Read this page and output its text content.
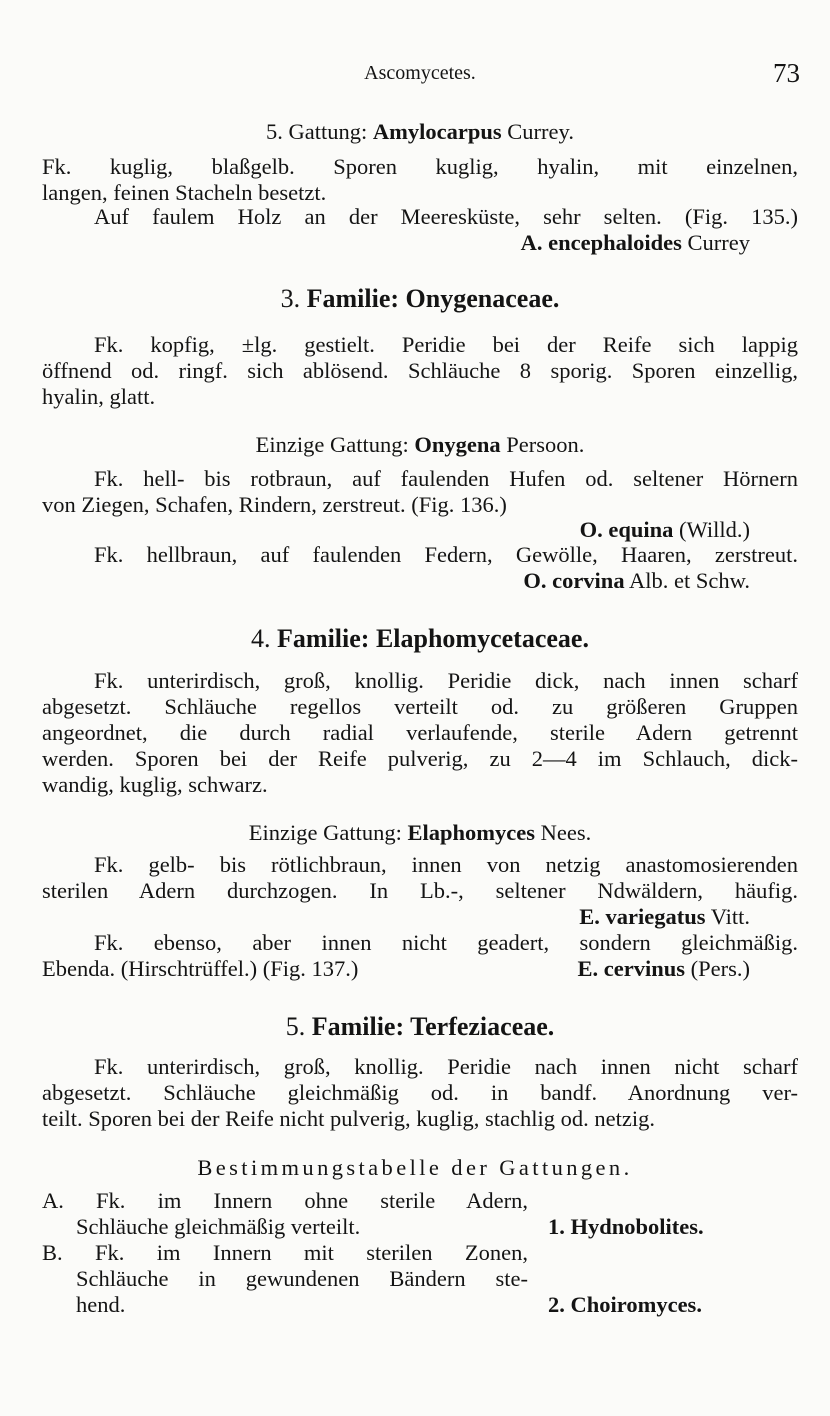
Ascomycetes.	73
5. Gattung: Amylocarpus Currey.
Fk. kuglig, blaßgelb. Sporen kuglig, hyalin, mit einzelnen,
langen, feinen Stacheln besetzt.
Auf faulem Holz an der Meeresküste, sehr selten. (Fig. 135.)
A. encephaloides Currey
3. Familie: Onygenaceae.
Fk. kopfig, ±lg. gestielt. Peridie bei der Reife sich lappig
öffnend od. ringf. sich ablösend. Schläuche 8 sporig. Sporen einzellig,
hyalin, glatt.
Einzige Gattung: Onygena Persoon.
Fk. hell- bis rotbraun, auf faulenden Hufen od. seltener Hörnern
von Ziegen, Schafen, Rindern, zerstreut. (Fig. 136.)
O. equina (Willd.)
Fk. hellbraun, auf faulenden Federn, Gewölle, Haaren, zerstreut.
O. corvina Alb. et Schw.
4. Familie: Elaphomycetaceae.
Fk. unterirdisch, groß, knollig. Peridie dick, nach innen scharf
abgesetzt. Schläuche regellos verteilt od. zu größeren Gruppen
angeordnet, die durch radial verlaufende, sterile Adern getrennt
werden. Sporen bei der Reife pulverig, zu 2—4 im Schlauch, dick-
wandig, kuglig, schwarz.
Einzige Gattung: Elaphomyces Nees.
Fk. gelb- bis rötlichbraun, innen von netzig anastomosierenden
sterilen Adern durchzogen. In Lb.-, seltener Ndwäldern, häufig.
E. variegatus Vitt.
Fk. ebenso, aber innen nicht geadert, sondern gleichmäßig.
Ebenda. (Hirschtrüffel.) (Fig. 137.)	E. cervinus (Pers.)
5. Familie: Terfeziaceae.
Fk. unterirdisch, groß, knollig. Peridie nach innen nicht scharf
abgesetzt. Schläuche gleichmäßig od. in bandf. Anordnung ver-
teilt. Sporen bei der Reife nicht pulverig, kuglig, stachlig od. netzig.
Bestimmungstabelle der Gattungen.
A. Fk. im Innern ohne sterile Adern,
Schläuche gleichmäßig verteilt.	1. Hydnobolites.
B. Fk. im Innern mit sterilen Zonen,
Schläuche in gewundenen Bändern ste-
hend.	2. Choiromyces.
